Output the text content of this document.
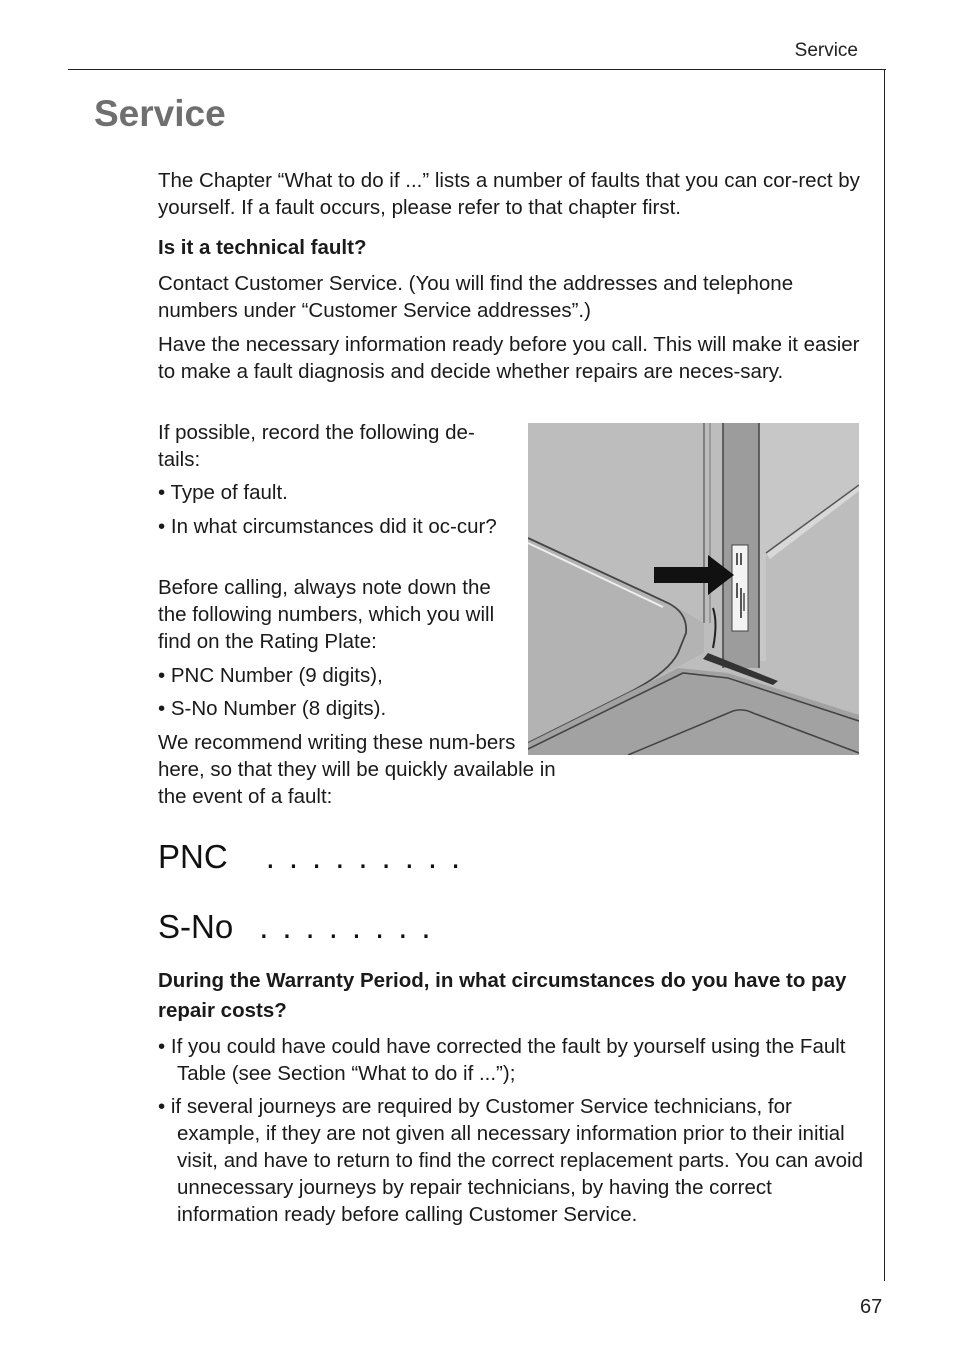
Service
Service

The Chapter “What to do if ...” lists a number of faults that you can cor-rect by yourself. If a fault occurs, please refer to that chapter first.

Is it a technical fault?

Contact Customer Service. (You will find the addresses and telephone numbers under “Customer Service addresses”.)

Have the necessary information ready before you call. This will make it easier to make a fault diagnosis and decide whether repairs are neces-sary.

If possible, record the following de-tails:

• Type of fault.

• In what circumstances did it oc-cur?

Before calling, always note down the the following numbers, which you will find on the Rating Plate:

• PNC Number (9 digits),

• S-No Number (8 digits).

We recommend writing these num-bers here, so that they will be quickly available in the event of a fault:

PNC .........

S-No ........

During the Warranty Period, in what circumstances do you have to pay repair costs?

• If you could have could have corrected the fault by yourself using the Fault Table (see Section “What to do if ...”);

• if several journeys are required by Customer Service technicians, for example, if they are not given all necessary information prior to their initial visit, and have to return to find the correct replacement parts. You can avoid unnecessary journeys by repair technicians, by having the correct information ready before calling Customer Service.

67
